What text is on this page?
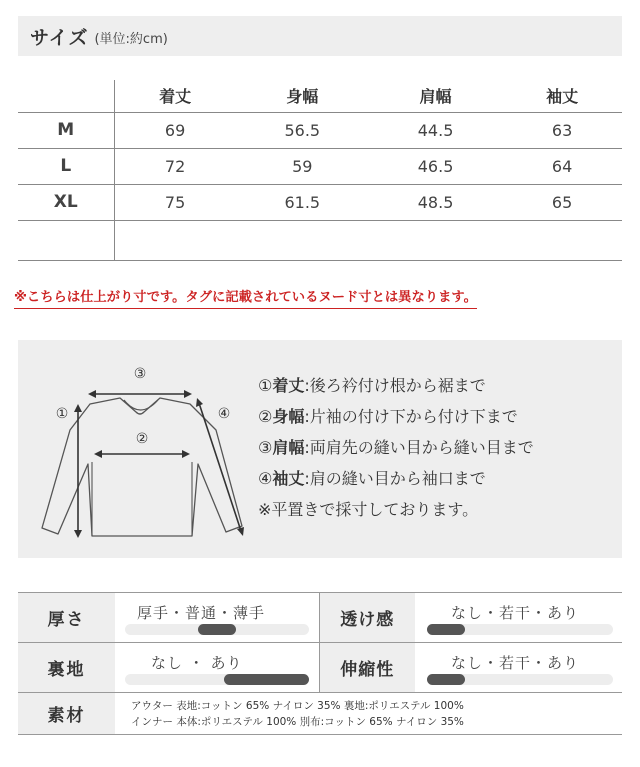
サイズ (単位:約cm)
	着丈	身幅	肩幅	袖丈
M	69	56.5	44.5	63
L	72	59	46.5	64
XL	75	61.5	48.5	65

※こちらは仕上がり寸です。タグに記載されているヌード寸とは異なります。
③
②
①	④
①着丈:後ろ衿付け根から裾まで
②身幅:片袖の付け下から付け下まで
③肩幅:両肩先の縫い目から縫い目まで
④袖丈:肩の縫い目から袖口まで
※平置きで採寸しております。
厚さ	厚手・普通・薄手	透け感	なし・若干・あり

裏地	なし ・ あり	伸縮性	なし・若干・あり

素材	アウター 表地:コットン 65% ナイロン 35% 裏地:ポリエステル 100%
インナー 本体:ポリエステル 100% 別布:コットン 65% ナイロン 35%		
